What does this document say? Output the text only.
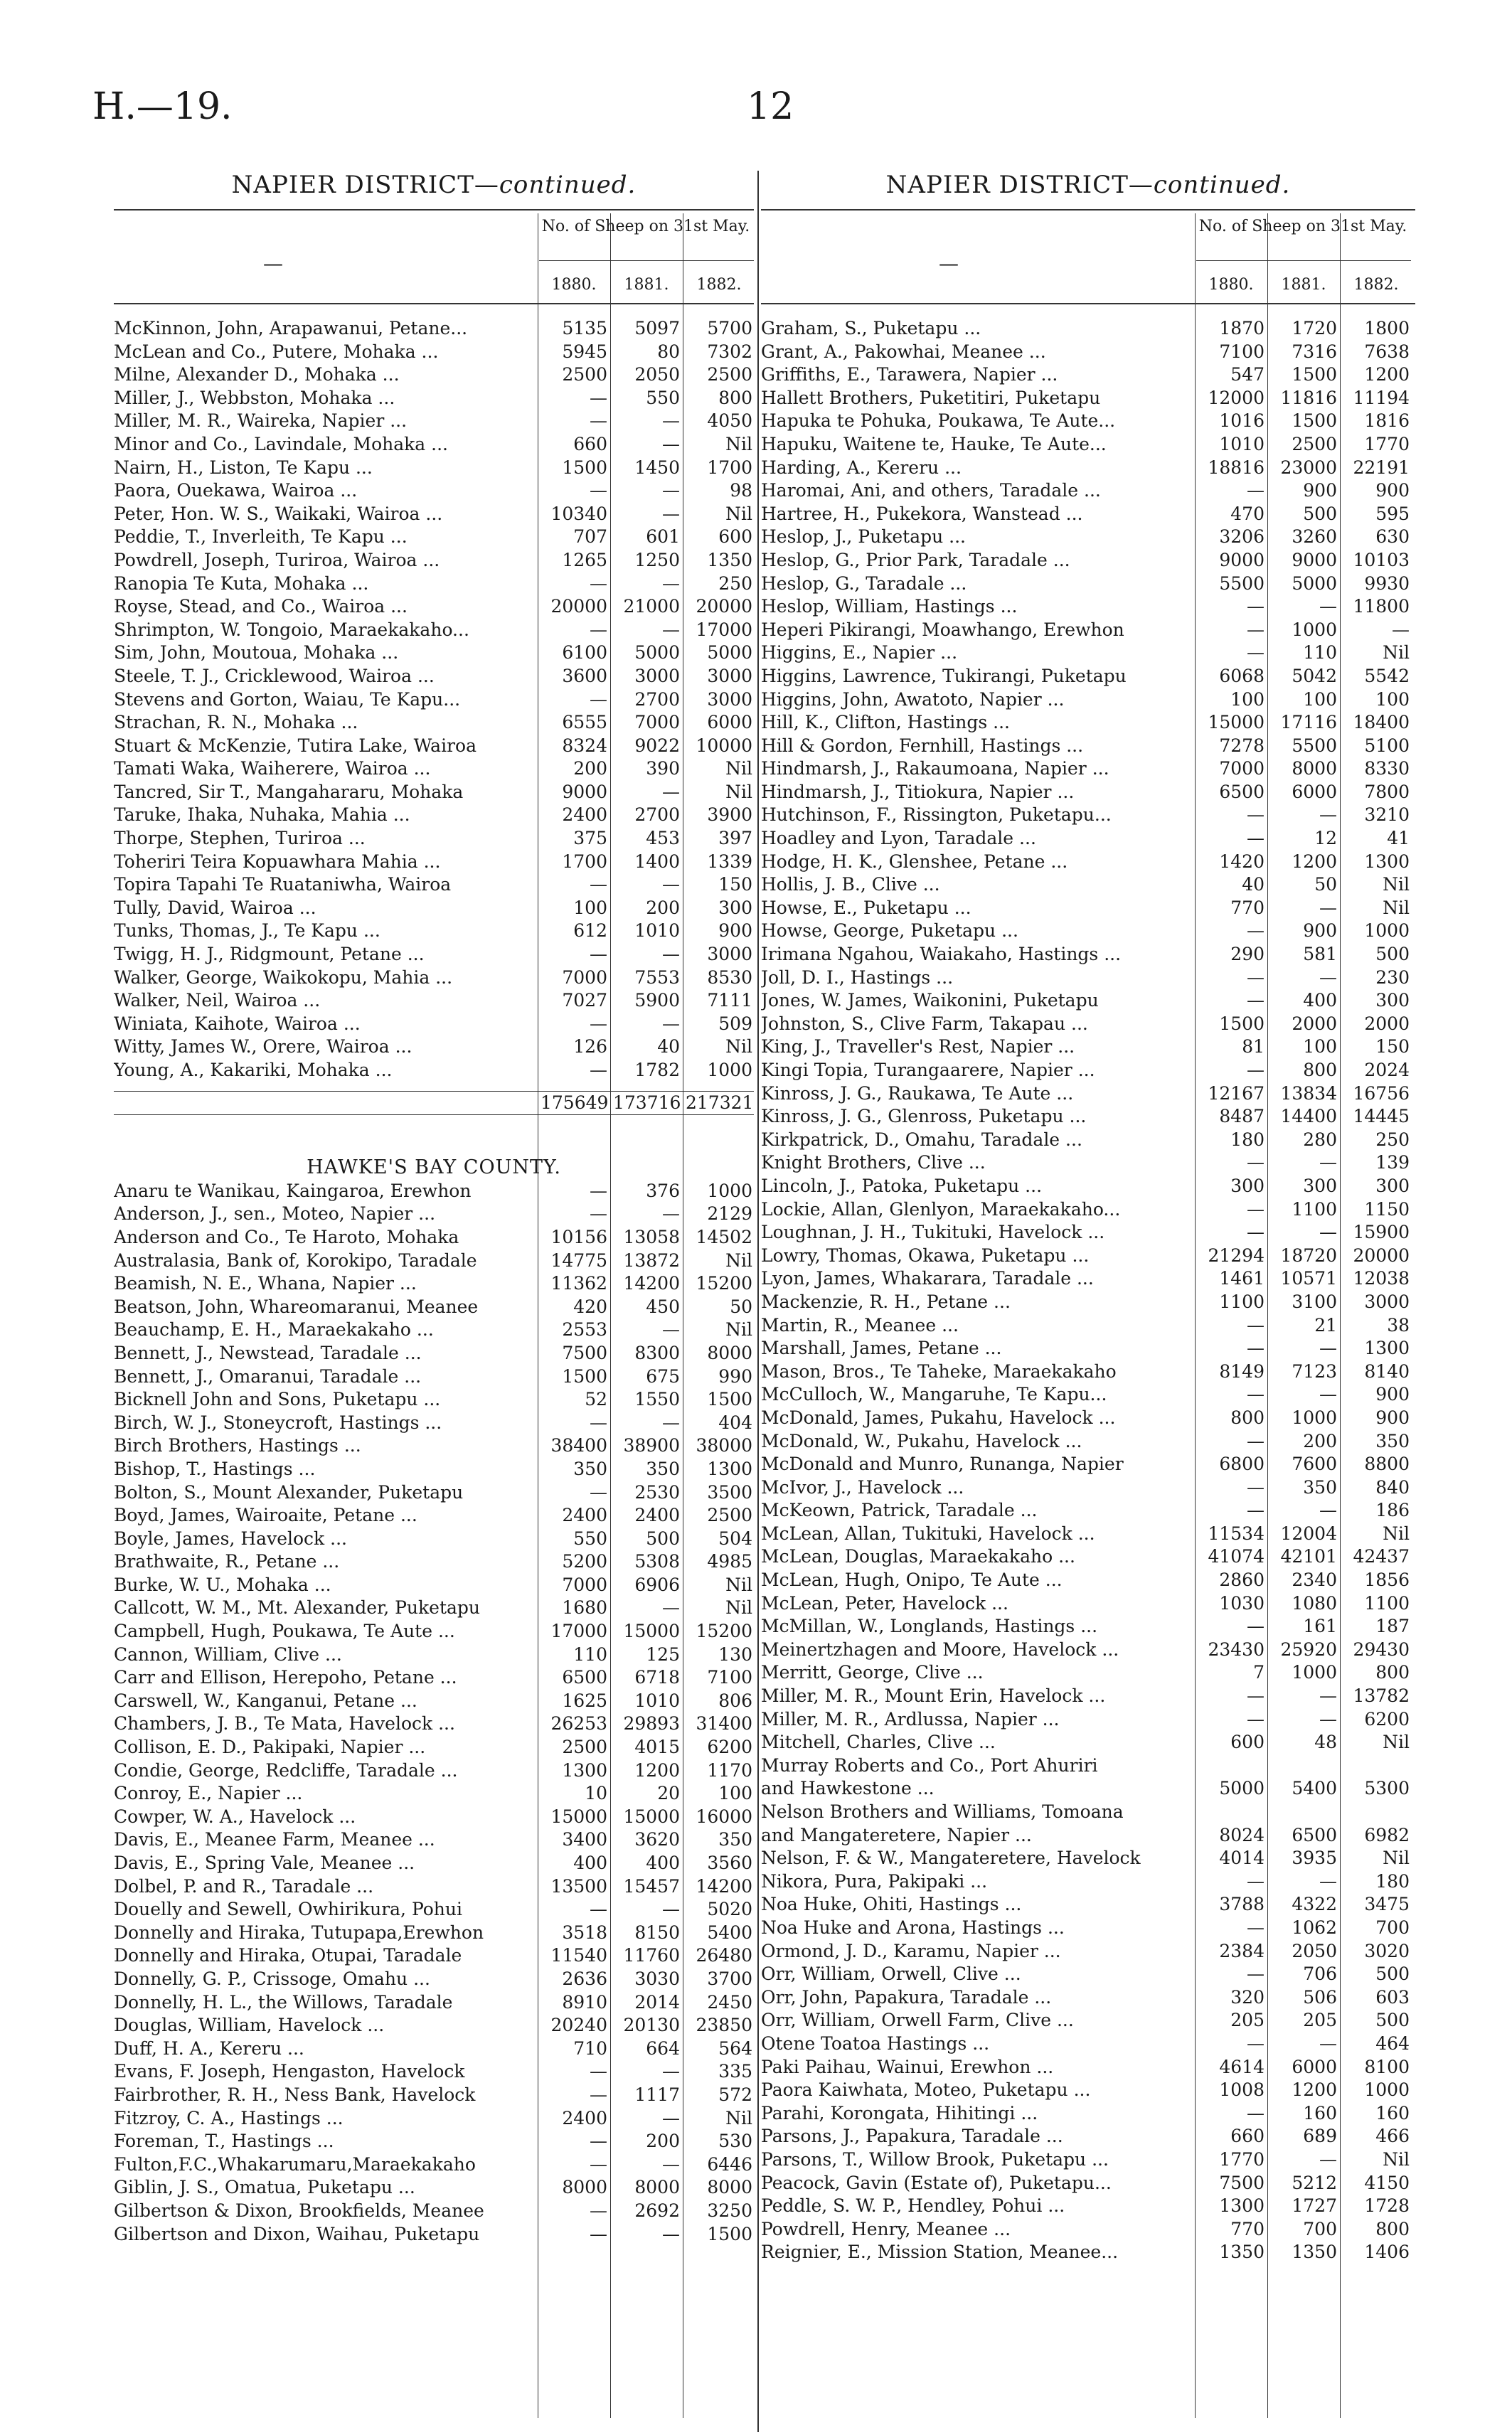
H.—19.	12
NAPIER DISTRICT—continued.
—
No. of Sheep on 31st May.
1880.	1881.	1882.
McKinnon, John, Arapawanui, Petane...	5135	5097	5700
McLean and Co., Putere, Mohaka ...	5945	80	7302
Milne, Alexander D., Mohaka ...	2500	2050	2500
Miller, J., Webbston, Mohaka ...	—	550	800
Miller, M. R., Waireka, Napier ...	—	—	4050
Minor and Co., Lavindale, Mohaka ...	660	—	Nil
Nairn, H., Liston, Te Kapu ...	1500	1450	1700
Paora, Ouekawa, Wairoa ...	—	—	98
Peter, Hon. W. S., Waikaki, Wairoa ...	10340	—	Nil
Peddie, T., Inverleith, Te Kapu ...	707	601	600
Powdrell, Joseph, Turiroa, Wairoa ...	1265	1250	1350
Ranopia Te Kuta, Mohaka ...	—	—	250
Royse, Stead, and Co., Wairoa ...	20000 21000 20000
Shrimpton, W. Tongoio, Maraekakaho...	—	— 17000
Sim, John, Moutoua, Mohaka ...	6100	5000	5000
Steele, T. J., Cricklewood, Wairoa ...	3600	3000	3000
Stevens and Gorton, Waiau, Te Kapu...	—	2700	3000
Strachan, R. N., Mohaka ...	6555	7000	6000
Stuart & McKenzie, Tutira Lake, Wairoa	8324	9022 10000
Tamati Waka, Waiherere, Wairoa ...	200	390	Nil
Tancred, Sir T., Mangahararu, Mohaka	9000	—	Nil
Taruke, Ihaka, Nuhaka, Mahia ...	2400	2700	3900
Thorpe, Stephen, Turiroa ...	375	453	397
Toheriri Teira Kopuawhara Mahia ...	1700	1400	1339
Topira Tapahi Te Ruataniwha, Wairoa	—	—	150
Tully, David, Wairoa ...	100	200	300
Tunks, Thomas, J., Te Kapu ...	612	1010	900
Twigg, H. J., Ridgmount, Petane ...	—	—	3000
Walker, George, Waikokopu, Mahia ...	7000	7553	8530
Walker, Neil, Wairoa ...	7027	5900	7111
Winiata, Kaihote, Wairoa ...	—	—	509
Witty, James W., Orere, Wairoa ...	126	40	Nil
Young, A., Kakariki, Mohaka ...	—	1782	1000
175649 173716 217321
HAWKE'S BAY COUNTY.
Anaru te Wanikau, Kaingaroa, Erewhon	—	376	1000
Anderson, J., sen., Moteo, Napier ...	—	—	2129
Anderson and Co., Te Haroto, Mohaka	10156 13058 14502
Australasia, Bank of, Korokipo, Taradale	14775 13872	Nil
Beamish, N. E., Whana, Napier ...	11362 14200 15200
Beatson, John, Whareomaranui, Meanee	420	450	50
Beauchamp, E. H., Maraekakaho ...	2553	—	Nil
Bennett, J., Newstead, Taradale ...	7500	8300	8000
Bennett, J., Omaranui, Taradale ...	1500	675	990
Bicknell John and Sons, Puketapu ...	52	1550	1500
Birch, W. J., Stoneycroft, Hastings ...	—	—	404
Birch Brothers, Hastings ...	38400 38900 38000
Bishop, T., Hastings ...	350	350	1300
Bolton, S., Mount Alexander, Puketapu	—	2530	3500
Boyd, James, Wairoaite, Petane ...	2400	2400	2500
Boyle, James, Havelock ...	550	500	504
Brathwaite, R., Petane ...	5200	5308	4985
Burke, W. U., Mohaka ...	7000	6906	Nil
Callcott, W. M., Mt. Alexander, Puketapu	1680	—	Nil
Campbell, Hugh, Poukawa, Te Aute ...	17000 15000 15200
Cannon, William, Clive ...	110	125	130
Carr and Ellison, Herepoho, Petane ...	6500	6718	7100
Carswell, W., Kanganui, Petane ...	1625	1010	806
Chambers, J. B., Te Mata, Havelock ...	26253 29893 31400
Collison, E. D., Pakipaki, Napier ...	2500	4015	6200
Condie, George, Redcliffe, Taradale ...	1300	1200	1170
Conroy, E., Napier ...	10	20	100
Cowper, W. A., Havelock ...	15000 15000 16000
Davis, E., Meanee Farm, Meanee ...	3400	3620	350
Davis, E., Spring Vale, Meanee ...	400	400	3560
Dolbel, P. and R., Taradale ...	13500 15457 14200
Douelly and Sewell, Owhirikura, Pohui	—	—	5020
Donnelly and Hiraka, Tutupapa,Erewhon	3518	8150	5400
Donnelly and Hiraka, Otupai, Taradale	11540 11760 26480
Donnelly, G. P., Crissoge, Omahu ...	2636	3030	3700
Donnelly, H. L., the Willows, Taradale	8910	2014	2450
Douglas, William, Havelock ...	20240 20130 23850
Duff, H. A., Kereru ...	710	664	564
Evans, F. Joseph, Hengaston, Havelock	—	—	335
Fairbrother, R. H., Ness Bank, Havelock	—	1117	572
Fitzroy, C. A., Hastings ...	2400	—	Nil
Foreman, T., Hastings ...	—	200	530
Fulton,F.C.,Whakarumaru,Maraekakaho	—	—	6446
Giblin, J. S., Omatua, Puketapu ...	8000	8000	8000
Gilbertson & Dixon, Brookfields, Meanee	—	2692	3250
Gilbertson and Dixon, Waihau, Puketapu	—	—	1500
NAPIER DISTRICT—continued.
—
No. of Sheep on 31st May.
1880.	1881.	1882.
Graham, S., Puketapu ...	1870	1720	1800
Grant, A., Pakowhai, Meanee ...	7100	7316	7638
Griffiths, E., Tarawera, Napier ...	547	1500	1200
Hallett Brothers, Puketitiri, Puketapu	12000 11816 11194
Hapuka te Pohuka, Poukawa, Te Aute...	1016	1500	1816
Hapuku, Waitene te, Hauke, Te Aute...	1010	2500	1770
Harding, A., Kereru ...	18816 23000 22191
Haromai, Ani, and others, Taradale ...	—	900	900
Hartree, H., Pukekora, Wanstead ...	470	500	595
Heslop, J., Puketapu ...	3206	3260	630
Heslop, G., Prior Park, Taradale ...	9000	9000 10103
Heslop, G., Taradale ...	5500	5000	9930
Heslop, William, Hastings ...	—	— 11800
Heperi Pikirangi, Moawhango, Erewhon	—	1000	—
Higgins, E., Napier ...	—	110	Nil
Higgins, Lawrence, Tukirangi, Puketapu	6068	5042	5542
Higgins, John, Awatoto, Napier ...	100	100	100
Hill, K., Clifton, Hastings ...	15000 17116 18400
Hill & Gordon, Fernhill, Hastings ...	7278	5500	5100
Hindmarsh, J., Rakaumoana, Napier ...	7000	8000	8330
Hindmarsh, J., Titiokura, Napier ...	6500	6000	7800
Hutchinson, F., Rissington, Puketapu...	—	—	3210
Hoadley and Lyon, Taradale ...	—	12	41
Hodge, H. K., Glenshee, Petane ...	1420	1200	1300
Hollis, J. B., Clive ...	40	50	Nil
Howse, E., Puketapu ...	770	—	Nil
Howse, George, Puketapu ...	—	900	1000
Irimana Ngahou, Waiakaho, Hastings ...	290	581	500
Joll, D. I., Hastings ...	—	—	230
Jones, W. James, Waikonini, Puketapu	—	400	300
Johnston, S., Clive Farm, Takapau ...	1500	2000	2000
King, J., Traveller's Rest, Napier ...	81	100	150
Kingi Topia, Turangaarere, Napier ...	—	800	2024
Kinross, J. G., Raukawa, Te Aute ...	12167 13834 16756
Kinross, J. G., Glenross, Puketapu ...	8487 14400 14445
Kirkpatrick, D., Omahu, Taradale ...	180	280	250
Knight Brothers, Clive ...	—	—	139
Lincoln, J., Patoka, Puketapu ...	300	300	300
Lockie, Allan, Glenlyon, Maraekakaho...	—	1100	1150
Loughnan, J. H., Tukituki, Havelock ...	—	— 15900
Lowry, Thomas, Okawa, Puketapu ...	21294 18720 20000
Lyon, James, Whakarara, Taradale ...	1461 10571 12038
Mackenzie, R. H., Petane ...	1100	3100	3000
Martin, R., Meanee ...	—	21	38
Marshall, James, Petane ...	—	—	1300
Mason, Bros., Te Taheke, Maraekakaho	8149	7123	8140
McCulloch, W., Mangaruhe, Te Kapu...	—	—	900
McDonald, James, Pukahu, Havelock ...	800	1000	900
McDonald, W., Pukahu, Havelock ...	—	200	350
McDonald and Munro, Runanga, Napier	6800	7600	8800
McIvor, J., Havelock ...	—	350	840
McKeown, Patrick, Taradale ...	—	—	186
McLean, Allan, Tukituki, Havelock ...	11534 12004	Nil
McLean, Douglas, Maraekakaho ...	41074 42101 42437
McLean, Hugh, Onipo, Te Aute ...	2860	2340	1856
McLean, Peter, Havelock ...	1030	1080	1100
McMillan, W., Longlands, Hastings ...	—	161	187
Meinertzhagen and Moore, Havelock ...	23430 25920 29430
Merritt, George, Clive ...	7	1000	800
Miller, M. R., Mount Erin, Havelock ...	—	— 13782
Miller, M. R., Ardlussa, Napier ...	—	—	6200
Mitchell, Charles, Clive ...	600	48	Nil
Murray Roberts and Co., Port Ahuriri
and Hawkestone ...	5000	5400	5300
Nelson Brothers and Williams, Tomoana
and Mangateretere, Napier ...	8024	6500	6982
Nelson, F. & W., Mangateretere, Havelock	4014	3935	Nil
Nikora, Pura, Pakipaki ...	—	—	180
Noa Huke, Ohiti, Hastings ...	3788	4322	3475
Noa Huke and Arona, Hastings ...	—	1062	700
Ormond, J. D., Karamu, Napier ...	2384	2050	3020
Orr, William, Orwell, Clive ...	—	706	500
Orr, John, Papakura, Taradale ...	320	506	603
Orr, William, Orwell Farm, Clive ...	205	205	500
Otene Toatoa Hastings ...	—	—	464
Paki Paihau, Wainui, Erewhon ...	4614	6000	8100
Paora Kaiwhata, Moteo, Puketapu ...	1008	1200	1000
Parahi, Korongata, Hihitingi ...	—	160	160
Parsons, J., Papakura, Taradale ...	660	689	466
Parsons, T., Willow Brook, Puketapu ...	1770	—	Nil
Peacock, Gavin (Estate of), Puketapu...	7500	5212	4150
Peddle, S. W. P., Hendley, Pohui ...	1300	1727	1728
Powdrell, Henry, Meanee ...	770	700	800
Reignier, E., Mission Station, Meanee...	1350	1350	1406
